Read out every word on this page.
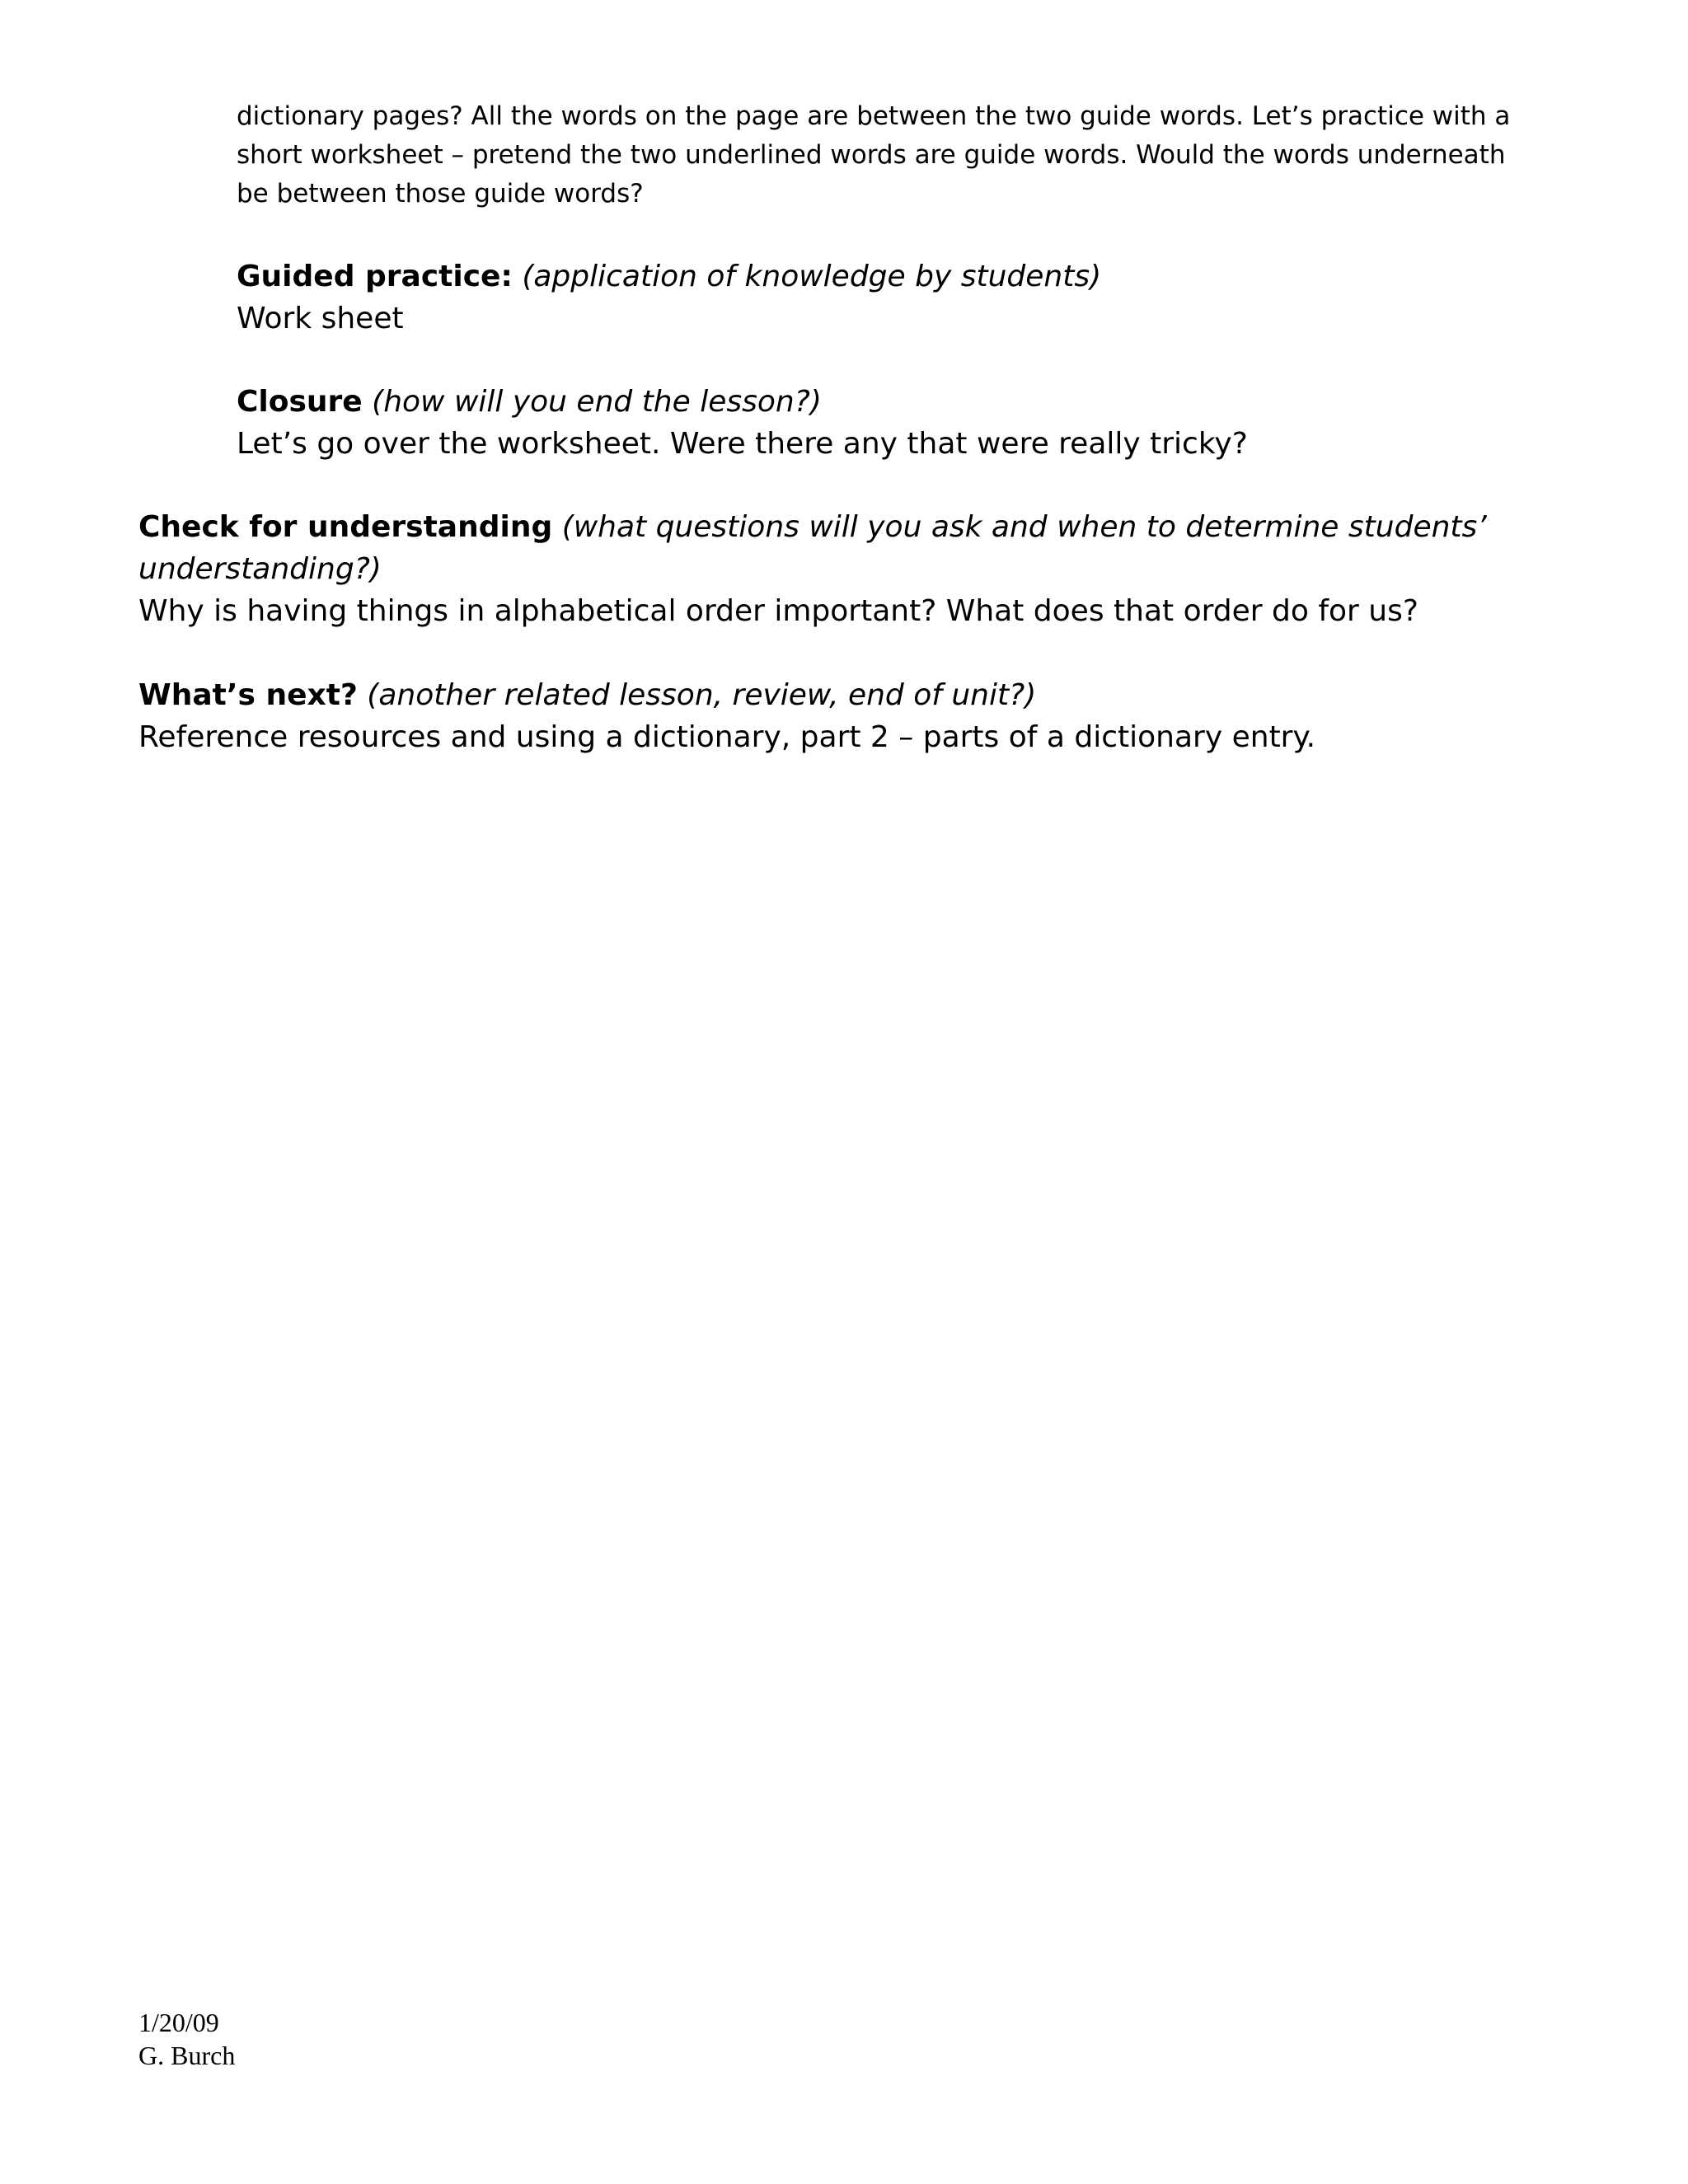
dictionary pages? All the words on the page are between the two guide words. Let’s practice with a
short worksheet – pretend the two underlined words are guide words. Would the words underneath
be between those guide words?
Guided practice: (application of knowledge by students)
Work sheet
Closure (how will you end the lesson?)
Let’s go over the worksheet. Were there any that were really tricky?
Check for understanding (what questions will you ask and when to determine students’
understanding?)
Why is having things in alphabetical order important? What does that order do for us?
What’s next? (another related lesson, review, end of unit?)
Reference resources and using a dictionary, part 2 – parts of a dictionary entry.
1/20/09
G. Burch
